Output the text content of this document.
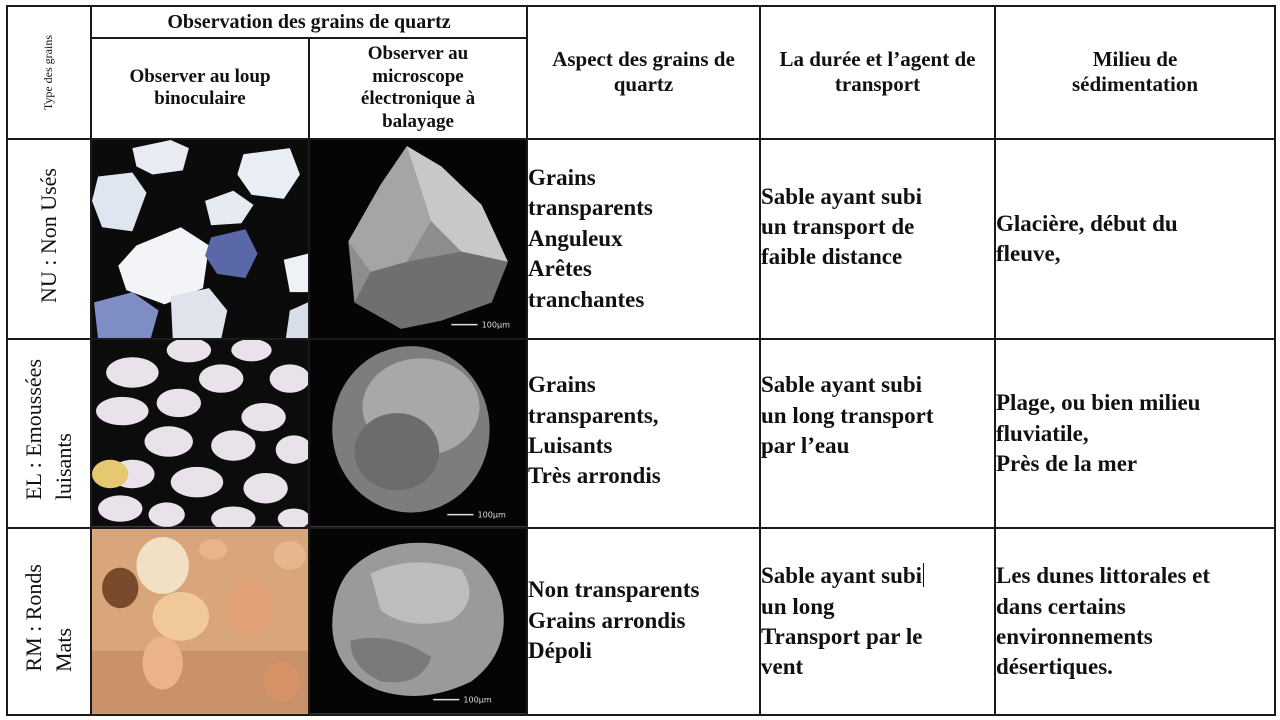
Type des grains	Observation des grains de quartz		Aspect des grains de quartz	La durée et l’agent de transport	Milieu de sédimentation
	Observer au loup binoculaire	Observer au microscope électronique à balayage			
NU : Non Usés		100µm	Grains
transparents
Anguleux
Arêtes
tranchantes	Sable ayant subi
un transport de
faible distance	Glacière, début du
fleuve,

EL : Emoussées luisants		100µm	Grains
transparents,
Luisants
Très arrondis	Sable ayant subi
un long transport
par l’eau	Plage, ou bien milieu
fluviatile,
Près de la mer

RM : Ronds Mats		100µm	Non transparents
Grains arrondis
Dépoli	Sable ayant subi
un long
Transport par le
vent	Les dunes littorales et
dans certains
environnements
désertiques.
